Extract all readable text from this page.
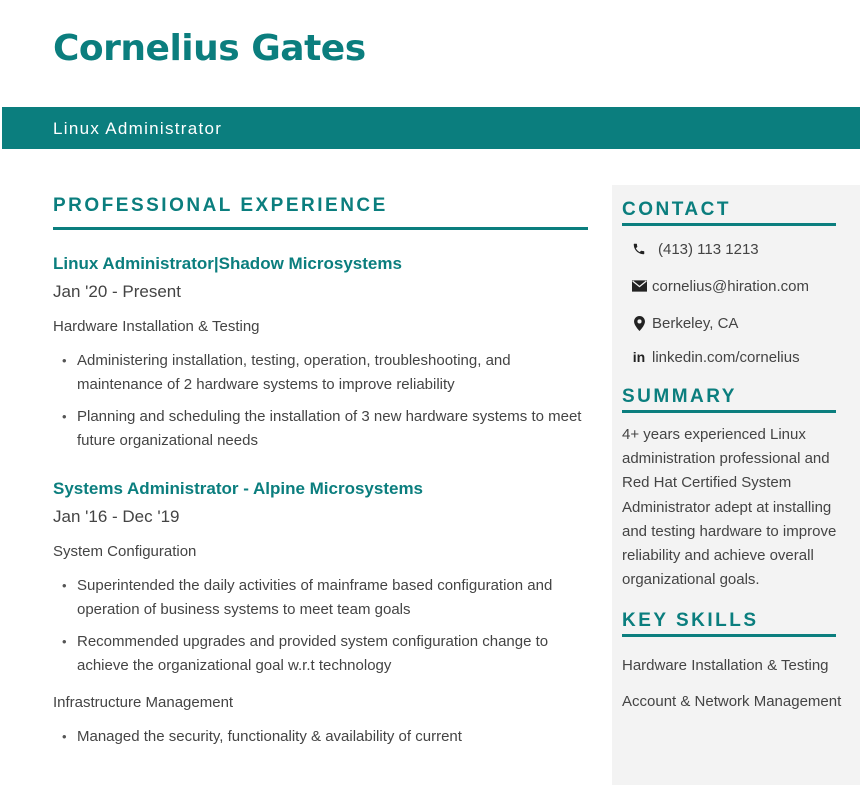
Cornelius Gates
Linux Administrator
PROFESSIONAL EXPERIENCE
Linux Administrator|Shadow Microsystems
Jan '20 - Present
Hardware Installation & Testing
• Administering installation, testing, operation, troubleshooting, and maintenance of 2 hardware systems to improve reliability
• Planning and scheduling the installation of 3 new hardware systems to meet future organizational needs
Systems Administrator - Alpine Microsystems
Jan '16 - Dec '19
System Configuration
• Superintended the daily activities of mainframe based configuration and operation of business systems to meet team goals
• Recommended upgrades and provided system configuration change to achieve the organizational goal w.r.t technology
Infrastructure Management
• Managed the security, functionality & availability of current
CONTACT
(413) 113 1213
cornelius@hiration.com
Berkeley, CA
in linkedin.com/cornelius
SUMMARY
4+ years experienced Linux administration professional and Red Hat Certified System Administrator adept at installing and testing hardware to improve reliability and achieve overall organizational goals.
KEY SKILLS
Hardware Installation & Testing
Account & Network Management
